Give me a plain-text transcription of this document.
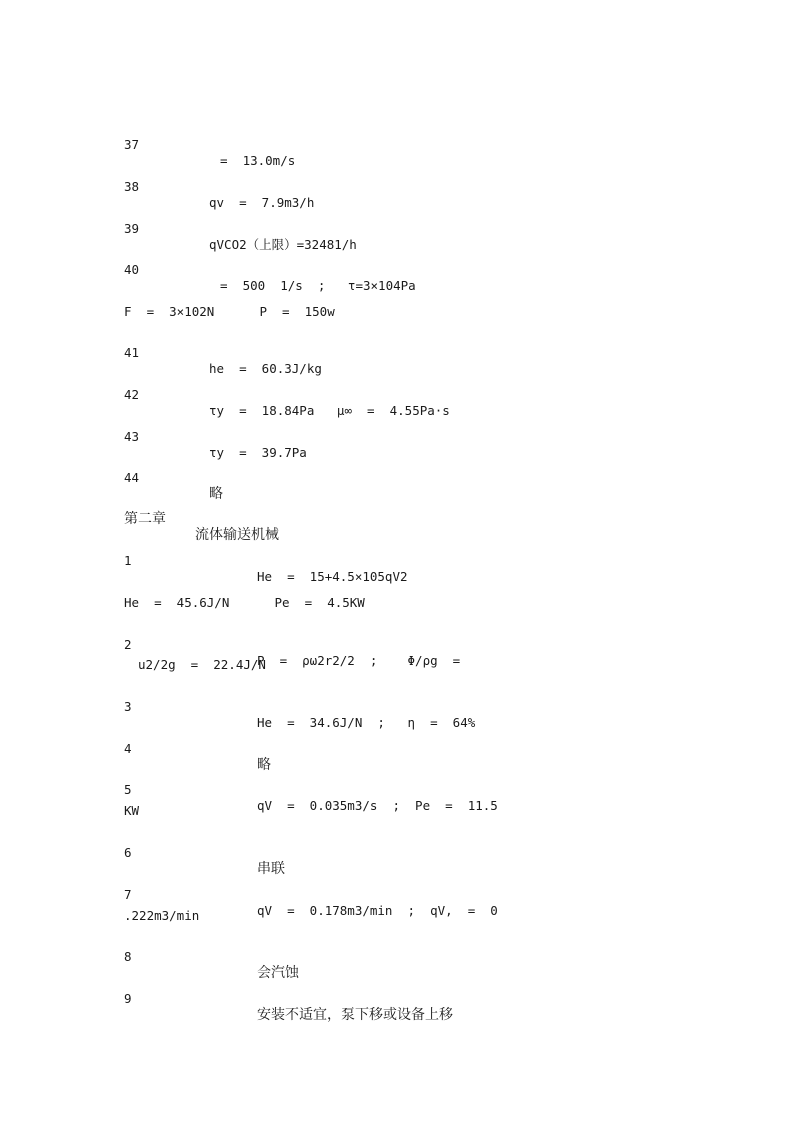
37

=  13.0m/s

38

qv  =  7.9m3/h

39

qVCO2（上限）=32481/h

40

=  500  1/s  ;   τ=3×104Pa

F  =  3×102N      P  =  150w

41

he  =  60.3J/kg

42

τy  =  18.84Pa   μ∞  =  4.55Pa·s

43

τy  =  39.7Pa

44

略

第二章

流体输送机械

1

He  =  15+4.5×105qV2

He  =  45.6J/N      Pe  =  4.5KW

2

P  =  ρω2r2/2  ;    Φ/ρg  =

u2/2g  =  22.4J/N

3

He  =  34.6J/N  ;   η  =  64%

4

略

5

qV  =  0.035m3/s  ;  Pe  =  11.5

KW

6

串联

7

qV  =  0.178m3/min  ;  qV,  =  0

.222m3/min

8

会汽蚀

9

安装不适宜，泵下移或设备上移
